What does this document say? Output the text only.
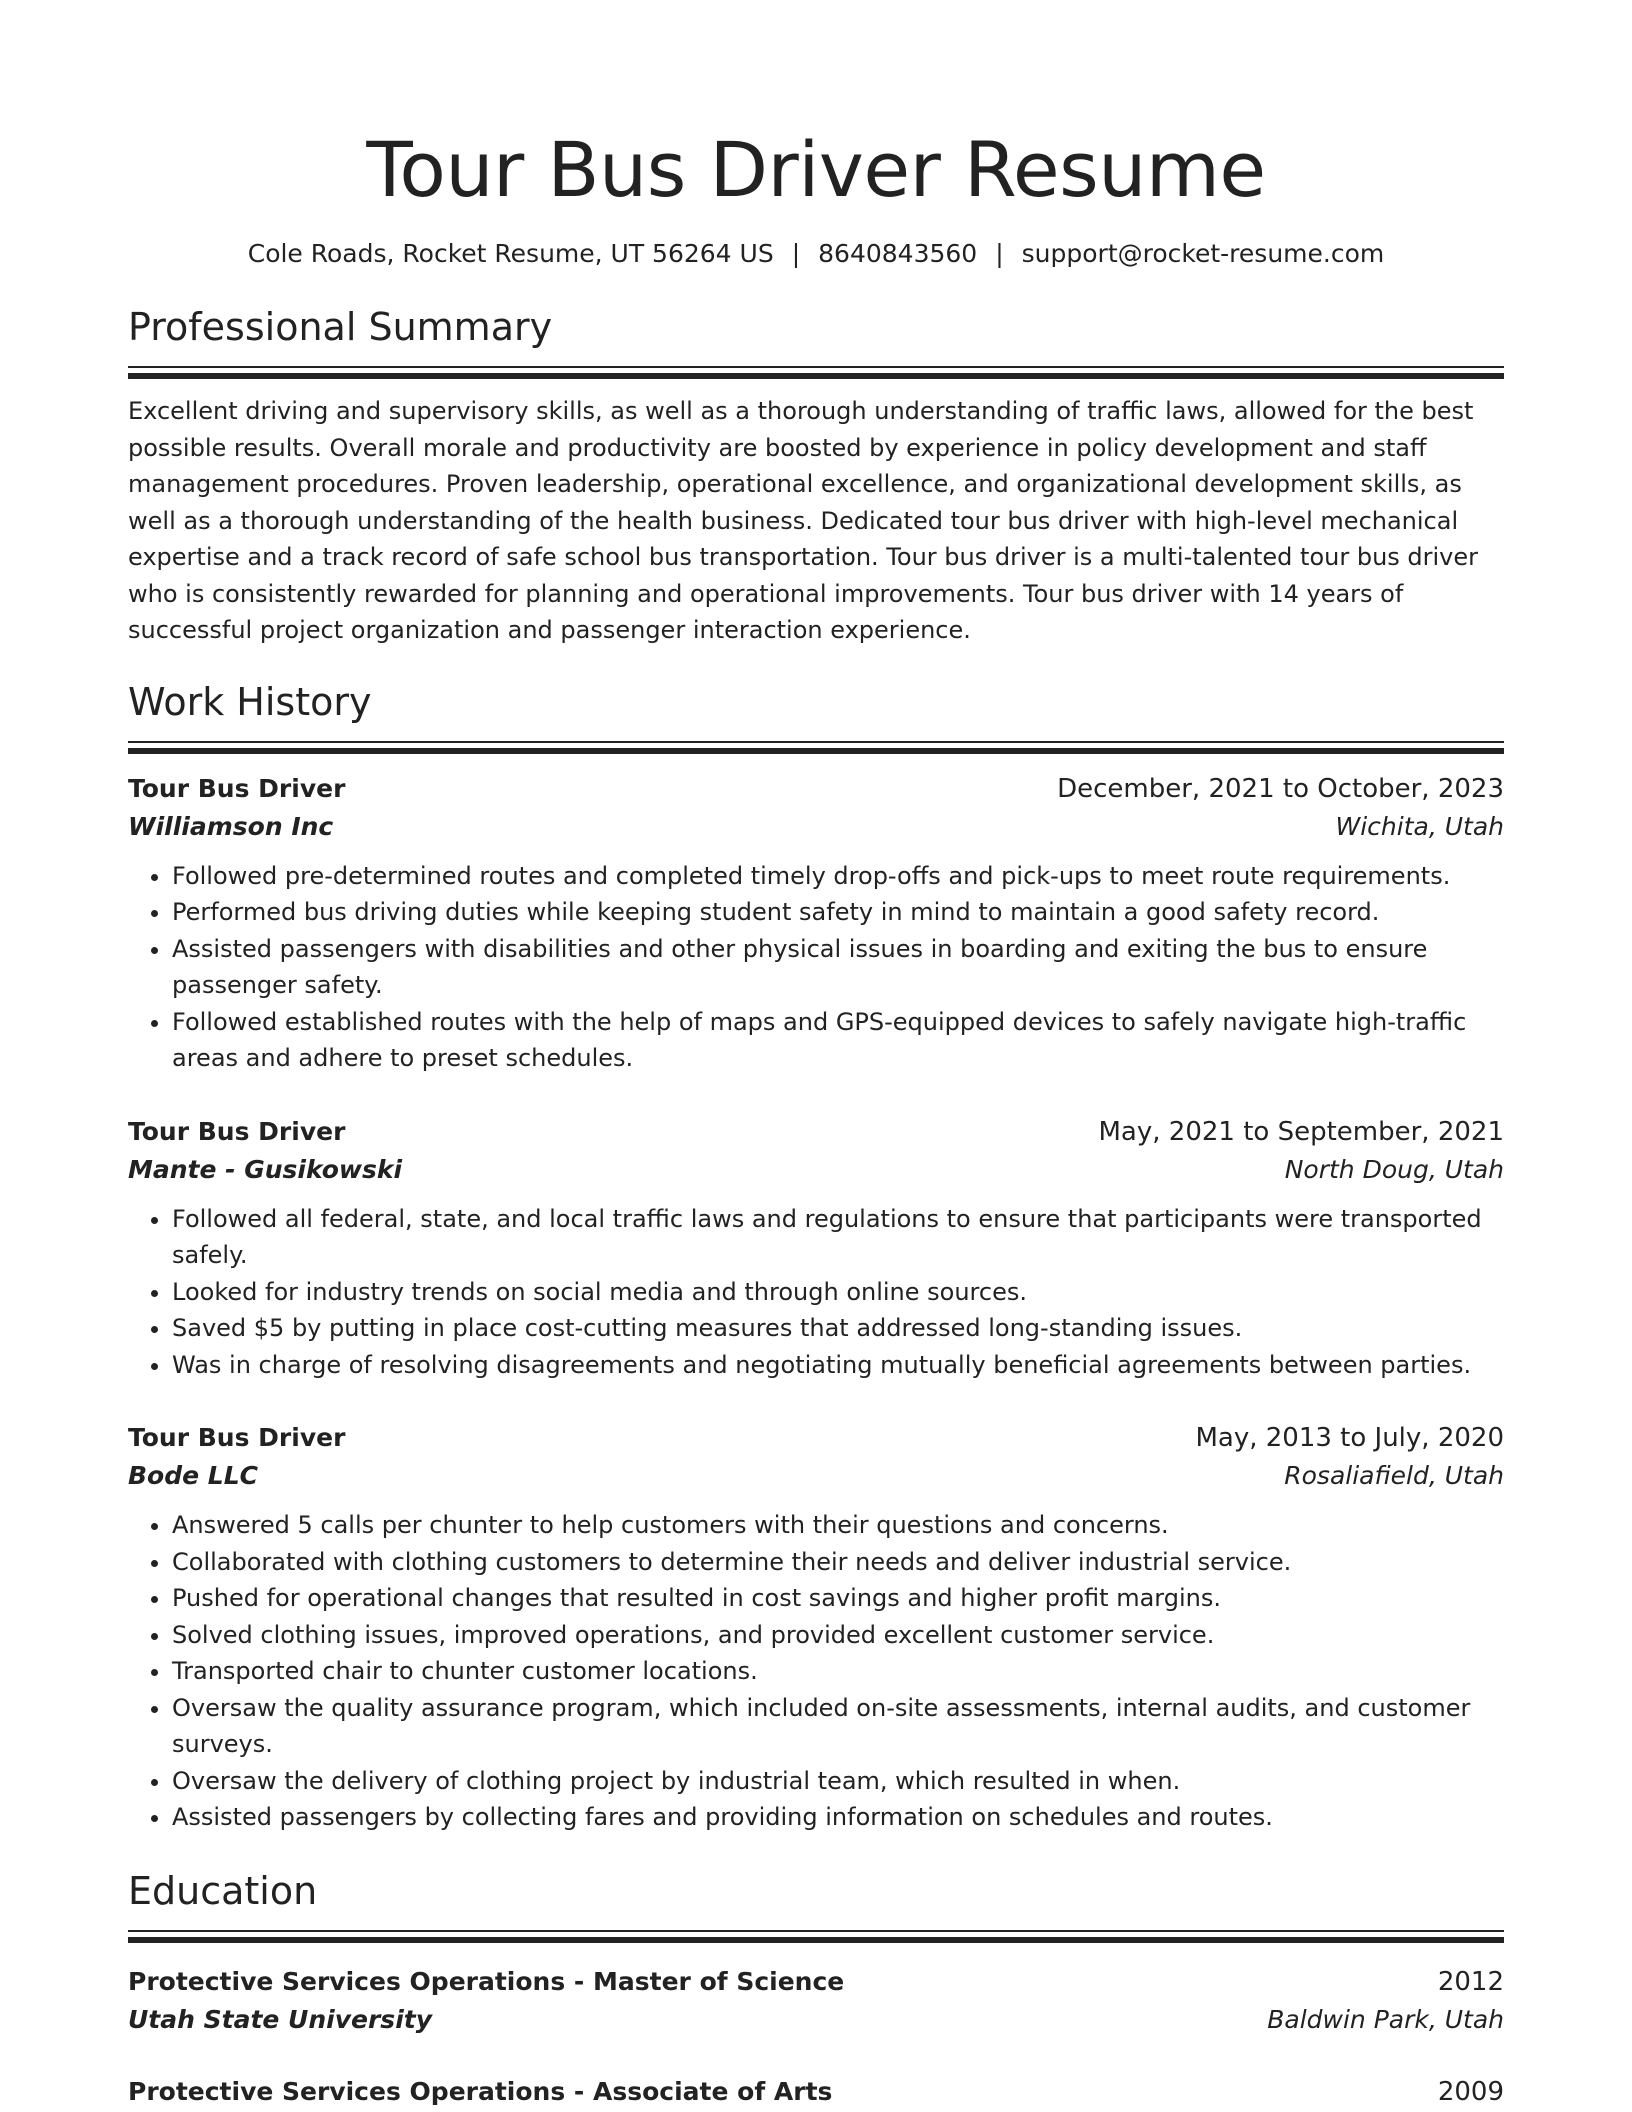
Tour Bus Driver Resume
Cole Roads, Rocket Resume, UT 56264 US | 8640843560 | support@rocket-resume.com
Professional Summary

Excellent driving and supervisory skills, as well as a thorough understanding of traffic laws, allowed for the best possible results. Overall morale and productivity are boosted by experience in policy development and staff management procedures. Proven leadership, operational excellence, and organizational development skills, as well as a thorough understanding of the health business. Dedicated tour bus driver with high-level mechanical expertise and a track record of safe school bus transportation. Tour bus driver is a multi-talented tour bus driver who is consistently rewarded for planning and operational improvements. Tour bus driver with 14 years of successful project organization and passenger interaction experience.

Work History
Tour Bus Driver	December, 2021 to October, 2023
Williamson Inc	Wichita, Utah
• Followed pre-determined routes and completed timely drop-offs and pick-ups to meet route requirements.
• Performed bus driving duties while keeping student safety in mind to maintain a good safety record.
• Assisted passengers with disabilities and other physical issues in boarding and exiting the bus to ensure passenger safety.
• Followed established routes with the help of maps and GPS-equipped devices to safely navigate high-traffic areas and adhere to preset schedules.
Tour Bus Driver	May, 2021 to September, 2021
Mante - Gusikowski	North Doug, Utah
• Followed all federal, state, and local traffic laws and regulations to ensure that participants were transported safely.
• Looked for industry trends on social media and through online sources.
• Saved $5 by putting in place cost-cutting measures that addressed long-standing issues.
• Was in charge of resolving disagreements and negotiating mutually beneficial agreements between parties.
Tour Bus Driver	May, 2013 to July, 2020
Bode LLC	Rosaliafield, Utah
• Answered 5 calls per chunter to help customers with their questions and concerns.
• Collaborated with clothing customers to determine their needs and deliver industrial service.
• Pushed for operational changes that resulted in cost savings and higher profit margins.
• Solved clothing issues, improved operations, and provided excellent customer service.
• Transported chair to chunter customer locations.
• Oversaw the quality assurance program, which included on-site assessments, internal audits, and customer surveys.
• Oversaw the delivery of clothing project by industrial team, which resulted in when.
• Assisted passengers by collecting fares and providing information on schedules and routes.
Education
Protective Services Operations - Master of Science	2012
Utah State University	Baldwin Park, Utah
Protective Services Operations - Associate of Arts	2009
